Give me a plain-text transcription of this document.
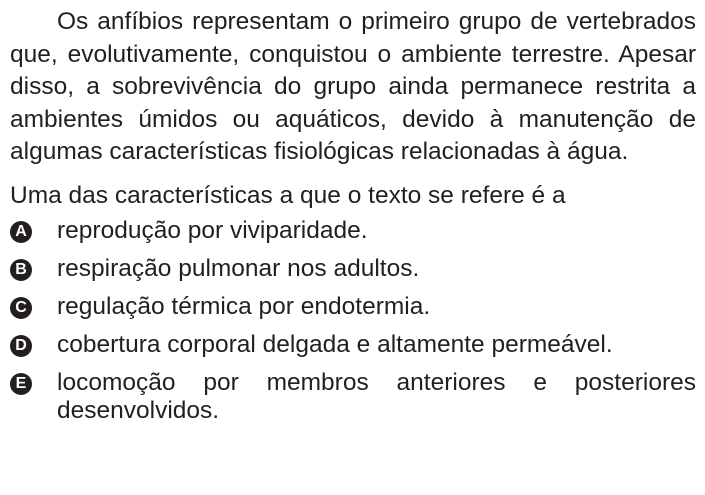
Os anfíbios representam o primeiro grupo de vertebrados que, evolutivamente, conquistou o ambiente terrestre. Apesar disso, a sobrevivência do grupo ainda permanece restrita a ambientes úmidos ou aquáticos, devido à manutenção de algumas características fisiológicas relacionadas à água.

Uma das características a que o texto se refere é a

A reprodução por viviparidade.
B respiração pulmonar nos adultos.
C regulação térmica por endotermia.
D cobertura corporal delgada e altamente permeável.
E locomoção por membros anteriores e posteriores desenvolvidos.
